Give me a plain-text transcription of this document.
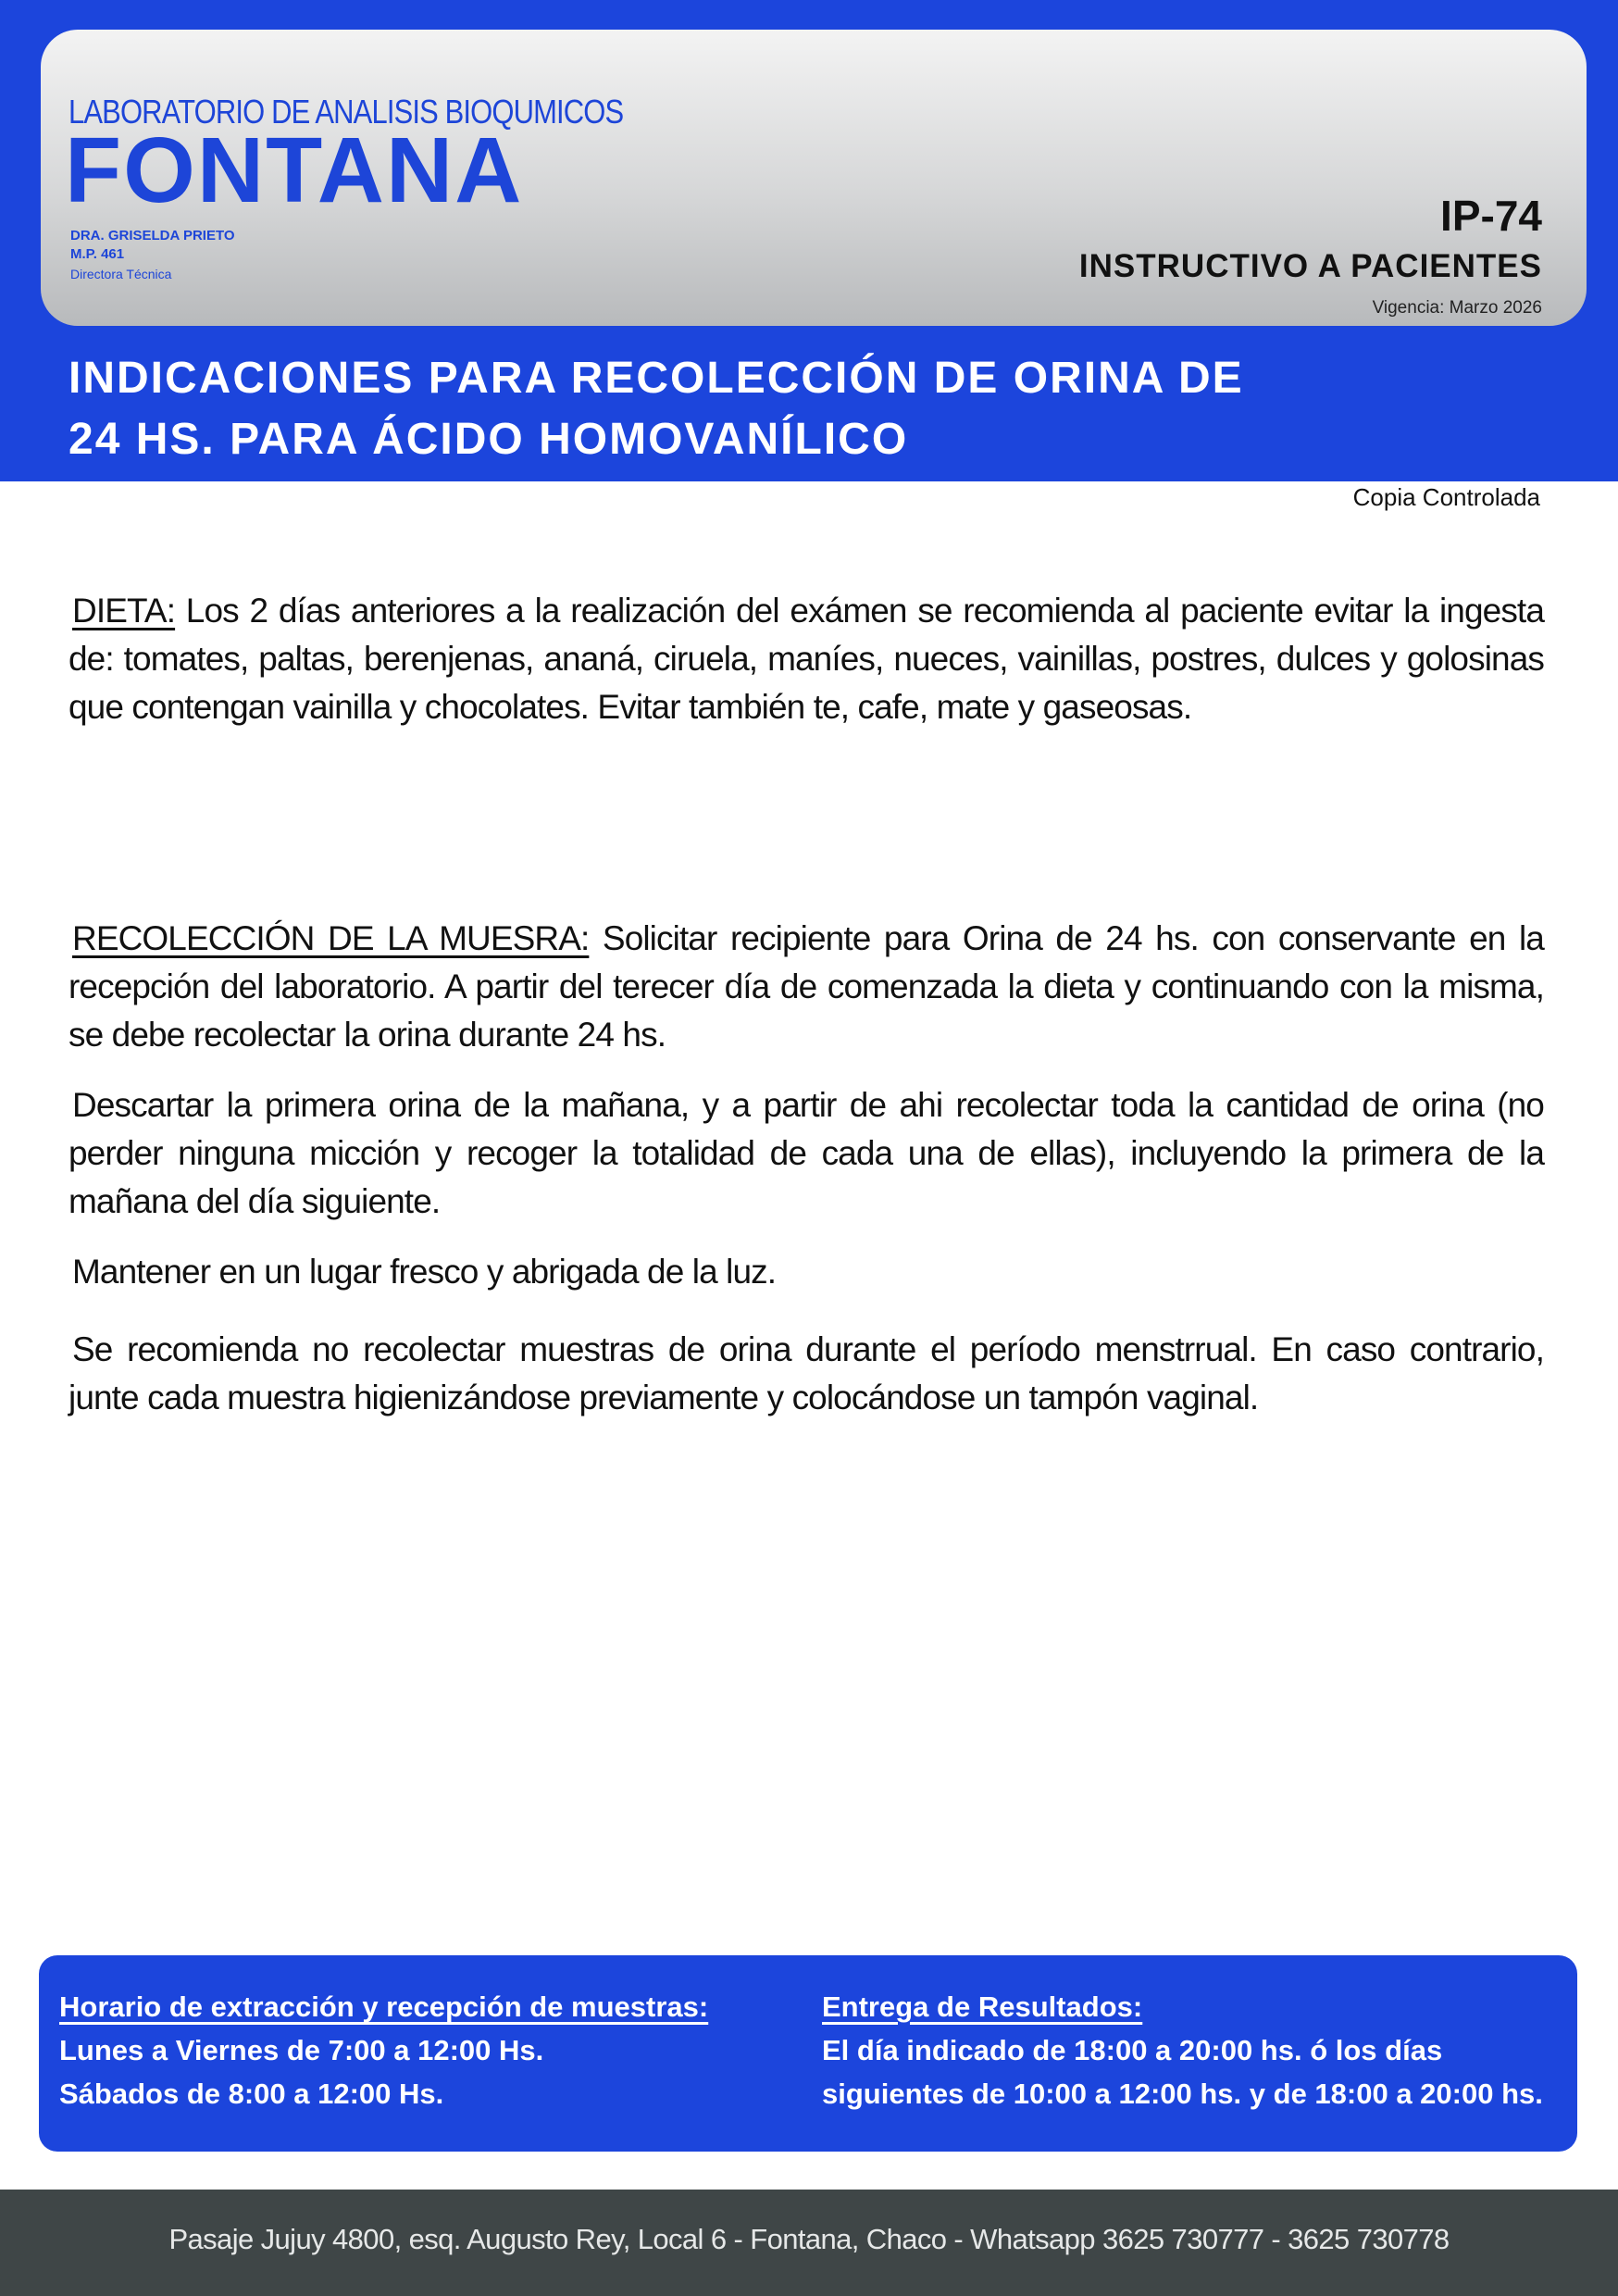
LABORATORIO DE ANALISIS BIOQUMICOS
FONTANA
DRA. GRISELDA PRIETO
M.P. 461
Directora Técnica
IP-74
INSTRUCTIVO A PACIENTES
Vigencia: Marzo 2026
INDICACIONES PARA RECOLECCIÓN DE ORINA DE
24 HS. PARA ÁCIDO HOMOVANÍLICO
Copia Controlada

DIETA: Los 2 días anteriores a la realización del exámen se recomienda al paciente evitar la ingesta de: tomates, paltas, berenjenas, ananá, ciruela, maníes, nueces, vainillas, postres, dulces y golosinas que contengan vainilla y chocolates. Evitar también te, cafe, mate y gaseosas.

RECOLECCIÓN DE LA MUESRA: Solicitar recipiente para Orina de 24 hs. con conservante en la recepción del laboratorio. A partir del terecer día de comenzada la dieta y continuando con la misma, se debe recolectar la orina durante 24 hs.

Descartar la primera orina de la mañana, y a partir de ahi recolectar toda la cantidad de orina (no perder ninguna micción y recoger la totalidad de cada una de ellas), incluyendo la primera de la mañana del día siguiente.

Mantener en un lugar fresco y abrigada de la luz.

Se recomienda no recolectar muestras de orina durante el período menstrrual. En caso contrario, junte cada muestra higienizándose previamente y colocándose un tampón vaginal.

Horario de extracción y recepción de muestras:
Lunes a Viernes de 7:00 a 12:00 Hs.
Sábados de 8:00 a 12:00 Hs.
Entrega de Resultados:
El día indicado de 18:00 a 20:00 hs. ó los días
siguientes de 10:00 a 12:00 hs. y de 18:00 a 20:00 hs.
Pasaje Jujuy 4800, esq. Augusto Rey, Local 6 - Fontana, Chaco - Whatsapp 3625 730777 - 3625 730778
